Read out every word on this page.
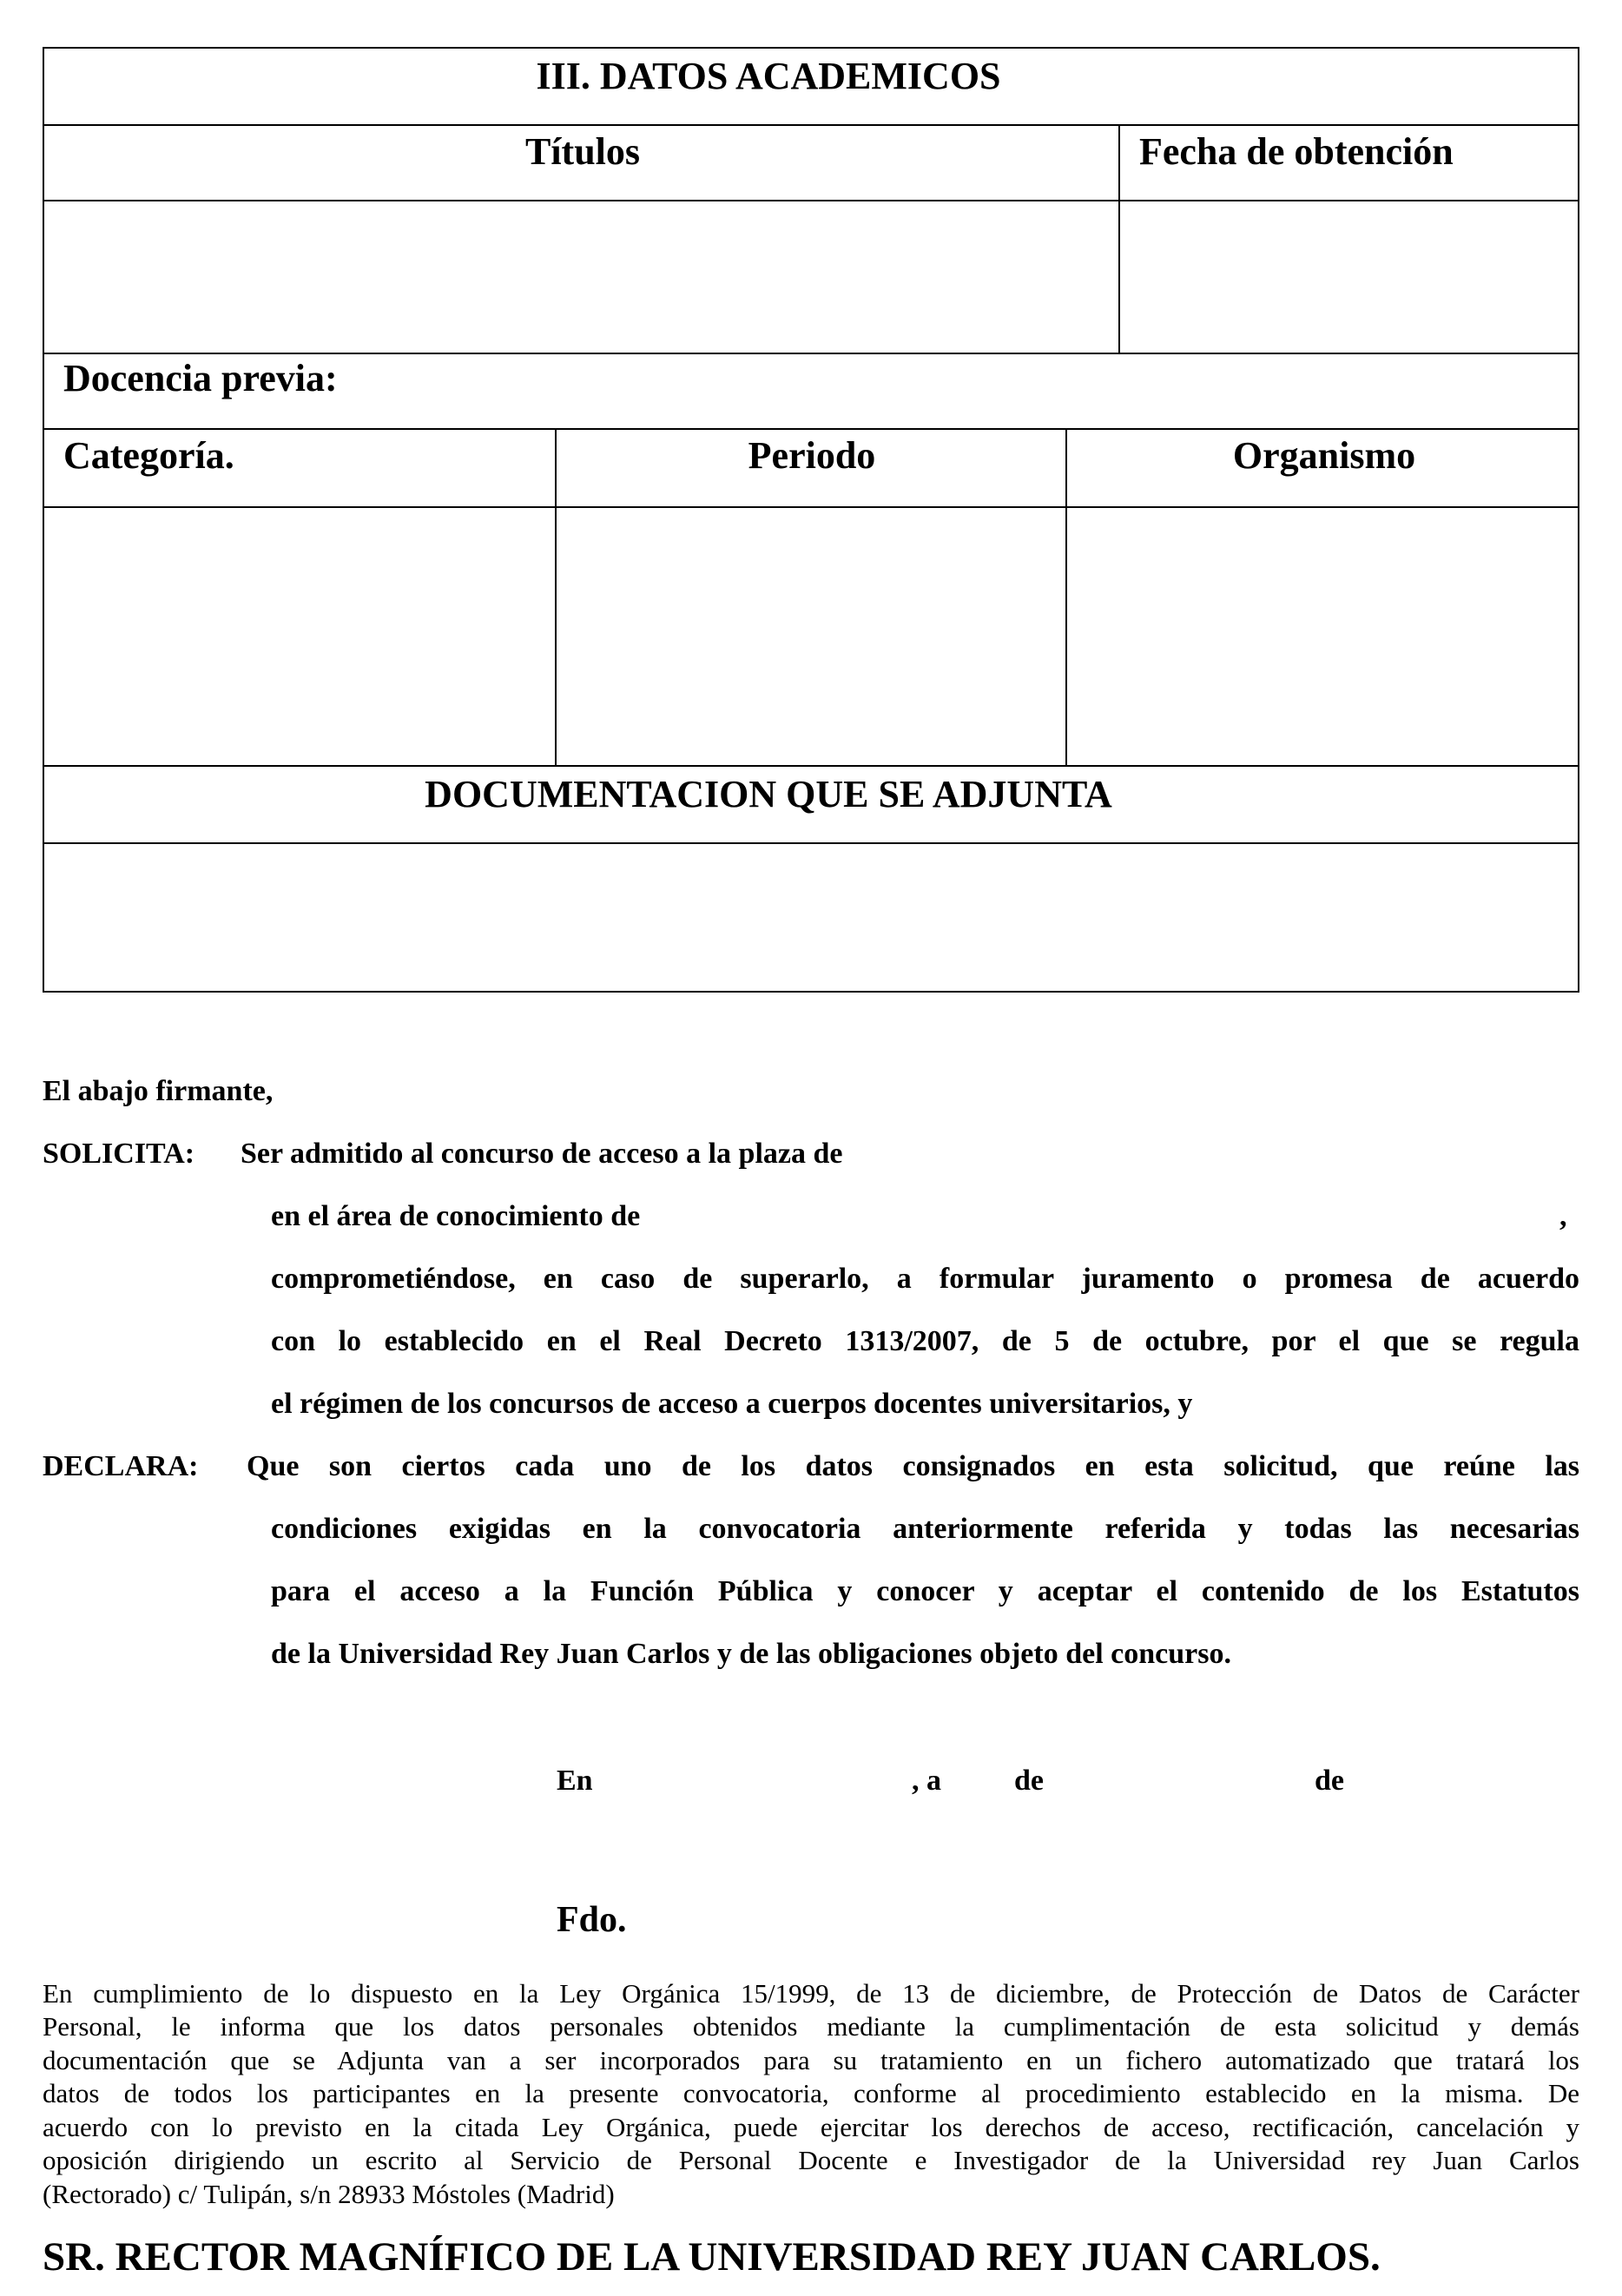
III. DATOS ACADEMICOS
Títulos	Fecha de obtención
Docencia previa:
Categoría.	Periodo	Organismo
DOCUMENTACION QUE SE ADJUNTA
El abajo firmante,
SOLICITA: Ser admitido al concurso de acceso a la plaza de
en el área de conocimiento de	,
comprometiéndose, en caso de superarlo, a formular juramento o promesa de acuerdo
con lo establecido en el Real Decreto 1313/2007, de 5 de octubre, por el que se regula
el régimen de los concursos de acceso a cuerpos docentes universitarios, y
DECLARA: Que son ciertos cada uno de los datos consignados en esta solicitud, que reúne las
condiciones exigidas en la convocatoria anteriormente referida y todas las necesarias
para el acceso a la Función Pública y conocer y aceptar el contenido de los Estatutos
de la Universidad Rey Juan Carlos y de las obligaciones objeto del concurso.
En	, a de	de
Fdo.
En cumplimiento de lo dispuesto en la Ley Orgánica 15/1999, de 13 de diciembre, de Protección de Datos de Carácter
Personal, le informa que los datos personales obtenidos mediante la cumplimentación de esta solicitud y demás
documentación que se Adjunta van a ser incorporados para su tratamiento en un fichero automatizado que tratará los
datos de todos los participantes en la presente convocatoria, conforme al procedimiento establecido en la misma. De
acuerdo con lo previsto en la citada Ley Orgánica, puede ejercitar los derechos de acceso, rectificación, cancelación y
oposición dirigiendo un escrito al Servicio de Personal Docente e Investigador de la Universidad rey Juan Carlos
(Rectorado) c/ Tulipán, s/n 28933 Móstoles (Madrid)
SR. RECTOR MAGNÍFICO DE LA UNIVERSIDAD REY JUAN CARLOS.
